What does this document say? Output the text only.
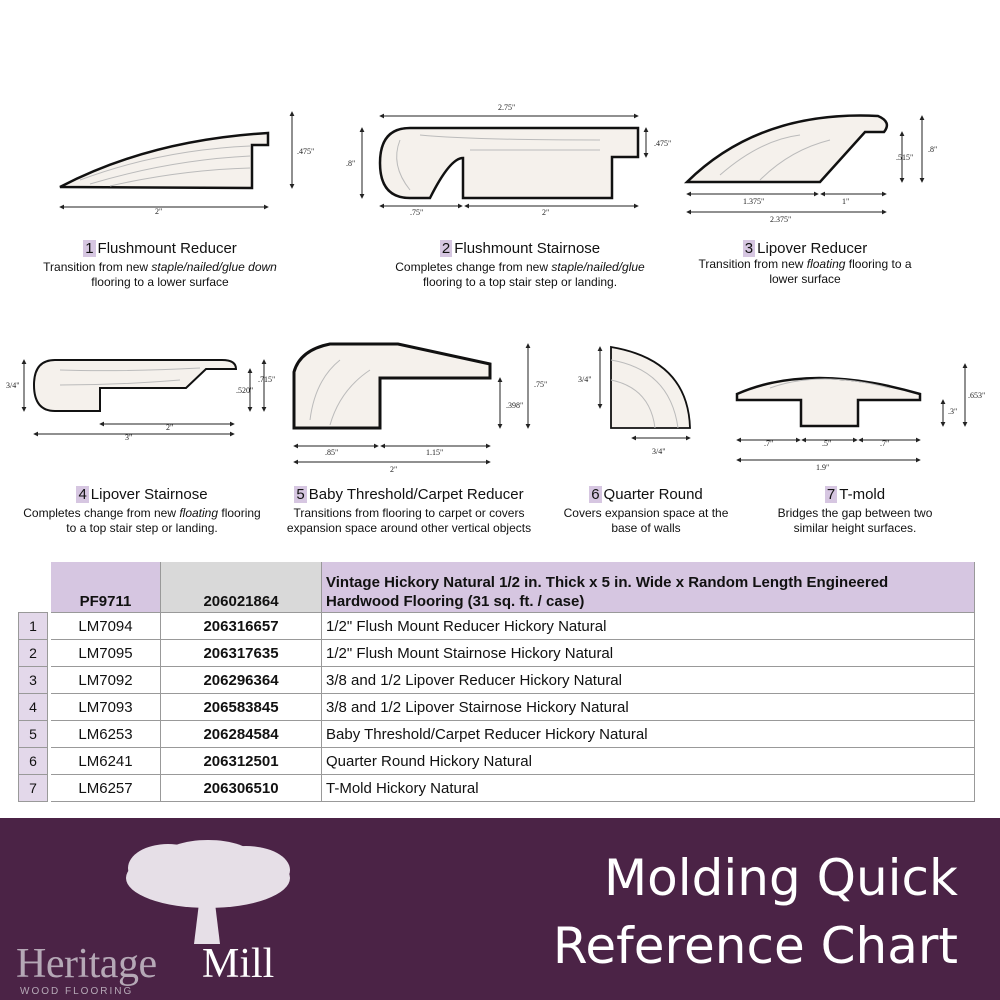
2"
.475"
2.75"
.8"
.475"
.75"	2"
.515"
.8"
1.375"	1"
2.375"
3/4"
.520"
.715"
2"
3"
.75"
.398"
.85"	1.15"
2"
3/4"
3/4"
.653"
.3"
.7"	.5"	.7"
1.9"
1 Flushmount Reducer
Transition from new staple/nailed/glue down flooring to a lower surface
2 Flushmount Stairnose
Completes change from new staple/nailed/glue flooring to a top stair step or landing.
3 Lipover Reducer
Transition from new floating flooring to a lower surface
4 Lipover Stairnose
Completes change from new floating flooring to a top stair step or landing.
5 Baby Threshold/Carpet Reducer
Transitions from flooring to carpet or covers expansion space around other vertical objects
6 Quarter Round
Covers expansion space at the base of walls
7 T-mold
Bridges the gap between two similar height surfaces.
		PF9711	206021864	Vintage Hickory Natural 1/2 in. Thick x 5 in. Wide x Random Length Engineered
Hardwood Flooring (31 sq. ft. / case)
1		LM7094	206316657	1/2" Flush Mount Reducer Hickory Natural
2		LM7095	206317635	1/2" Flush Mount Stairnose Hickory Natural
3		LM7092	206296364	3/8 and 1/2 Lipover Reducer Hickory Natural
4		LM7093	206583845	3/8 and 1/2 Lipover Stairnose Hickory Natural
5		LM6253	206284584	Baby Threshold/Carpet Reducer Hickory Natural
6		LM6241	206312501	Quarter Round Hickory Natural
7		LM6257	206306510	T-Mold Hickory Natural
Heritage Mill
WOOD FLOORING
Molding Quick
Reference Chart
